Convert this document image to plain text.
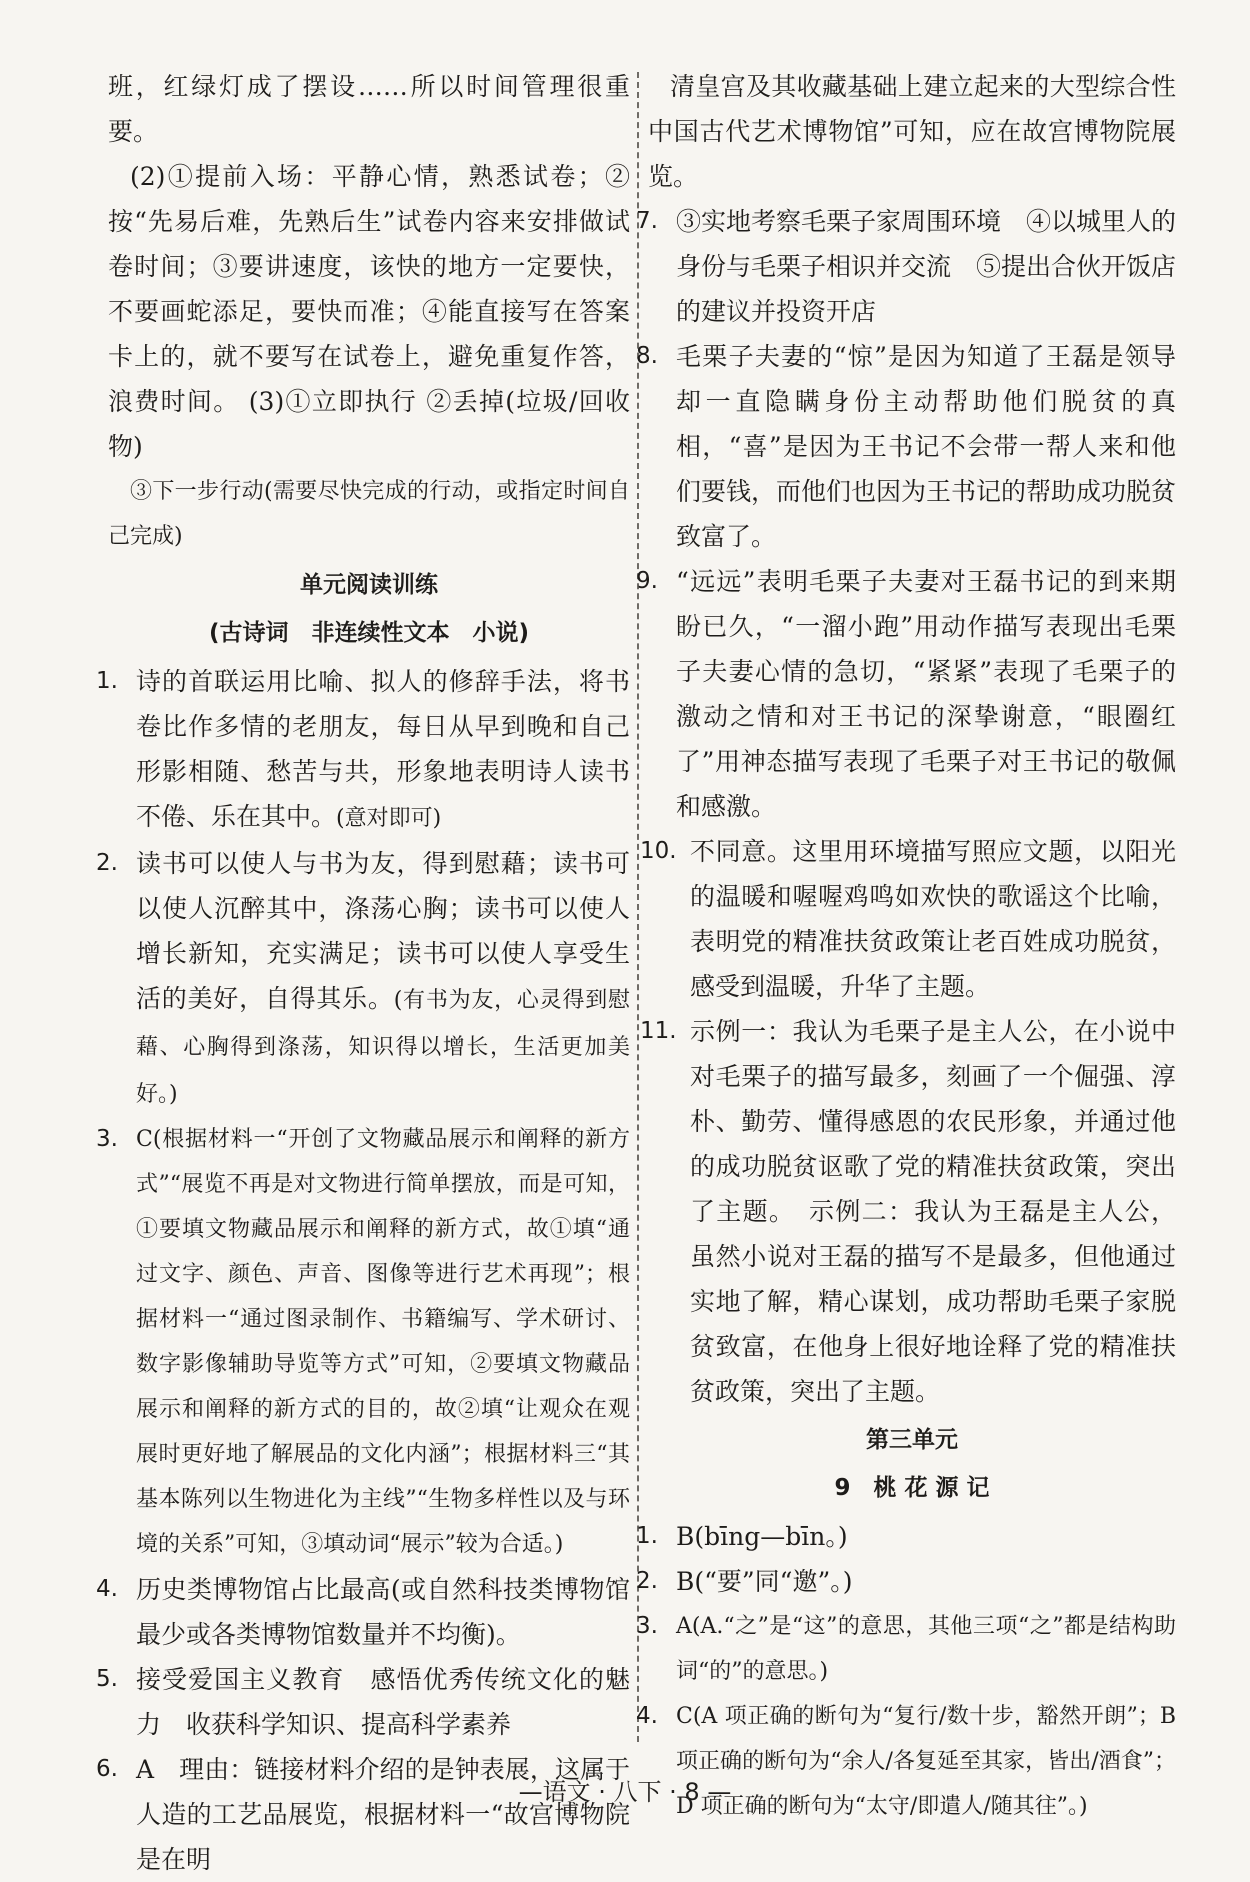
班，红绿灯成了摆设……所以时间管理很重要。

(2)①提前入场：平静心情，熟悉试卷；②按“先易后难，先熟后生”试卷内容来安排做试卷时间；③要讲速度，该快的地方一定要快，不要画蛇添足，要快而准；④能直接写在答案卡上的，就不要写在试卷上，避免重复作答，浪费时间。 (3)①立即执行 ②丢掉(垃圾/回收物)

③下一步行动(需要尽快完成的行动，或指定时间自己完成)

单元阅读训练
(古诗词　非连续性文本　小说)
1. 诗的首联运用比喻、拟人的修辞手法，将书卷比作多情的老朋友，每日从早到晚和自己形影相随、愁苦与共，形象地表明诗人读书不倦、乐在其中。(意对即可)
2. 读书可以使人与书为友，得到慰藉；读书可以使人沉醉其中，涤荡心胸；读书可以使人增长新知，充实满足；读书可以使人享受生活的美好，自得其乐。(有书为友，心灵得到慰藉、心胸得到涤荡，知识得以增长，生活更加美好。)
3. C(根据材料一“开创了文物藏品展示和阐释的新方式”“展览不再是对文物进行简单摆放，而是可知，①要填文物藏品展示和阐释的新方式，故①填“通过文字、颜色、声音、图像等进行艺术再现”；根据材料一“通过图录制作、书籍编写、学术研讨、数字影像辅助导览等方式”可知，②要填文物藏品展示和阐释的新方式的目的，故②填“让观众在观展时更好地了解展品的文化内涵”；根据材料三“其基本陈列以生物进化为主线”“生物多样性以及与环境的关系”可知，③填动词“展示”较为合适。)
4. 历史类博物馆占比最高(或自然科技类博物馆最少或各类博物馆数量并不均衡)。
5. 接受爱国主义教育　感悟优秀传统文化的魅力　收获科学知识、提高科学素养
6. A　理由：链接材料介绍的是钟表展，这属于人造的工艺品展览，根据材料一“故宫博物院是在明

清皇宫及其收藏基础上建立起来的大型综合性中国古代艺术博物馆”可知，应在故宫博物院展览。

7. ③实地考察毛栗子家周围环境　④以城里人的身份与毛栗子相识并交流　⑤提出合伙开饭店的建议并投资开店
8. 毛栗子夫妻的“惊”是因为知道了王磊是领导却一直隐瞒身份主动帮助他们脱贫的真相，“喜”是因为王书记不会带一帮人来和他们要钱，而他们也因为王书记的帮助成功脱贫致富了。
9. “远远”表明毛栗子夫妻对王磊书记的到来期盼已久，“一溜小跑”用动作描写表现出毛栗子夫妻心情的急切，“紧紧”表现了毛栗子的激动之情和对王书记的深挚谢意，“眼圈红了”用神态描写表现了毛栗子对王书记的敬佩和感激。
10. 不同意。这里用环境描写照应文题，以阳光的温暖和喔喔鸡鸣如欢快的歌谣这个比喻，表明党的精准扶贫政策让老百姓成功脱贫，感受到温暖，升华了主题。
11. 示例一：我认为毛栗子是主人公，在小说中对毛栗子的描写最多，刻画了一个倔强、淳朴、勤劳、懂得感恩的农民形象，并通过他的成功脱贫讴歌了党的精准扶贫政策，突出了主题。　示例二：我认为王磊是主人公，虽然小说对王磊的描写不是最多，但他通过实地了解，精心谋划，成功帮助毛栗子家脱贫致富，在他身上很好地诠释了党的精准扶贫政策，突出了主题。
第三单元
9　桃 花 源 记
1. B(bīng—bīn。)
2. B(“要”同“邀”。)
3. A(A.“之”是“这”的意思，其他三项“之”都是结构助词“的”的意思。)
4. C(A 项正确的断句为“复行/数十步，豁然开朗”；B 项正确的断句为“余人/各复延至其家，皆出/酒食”；D 项正确的断句为“太守/即遣人/随其往”。)
—语文 · 八下 · 8 —
